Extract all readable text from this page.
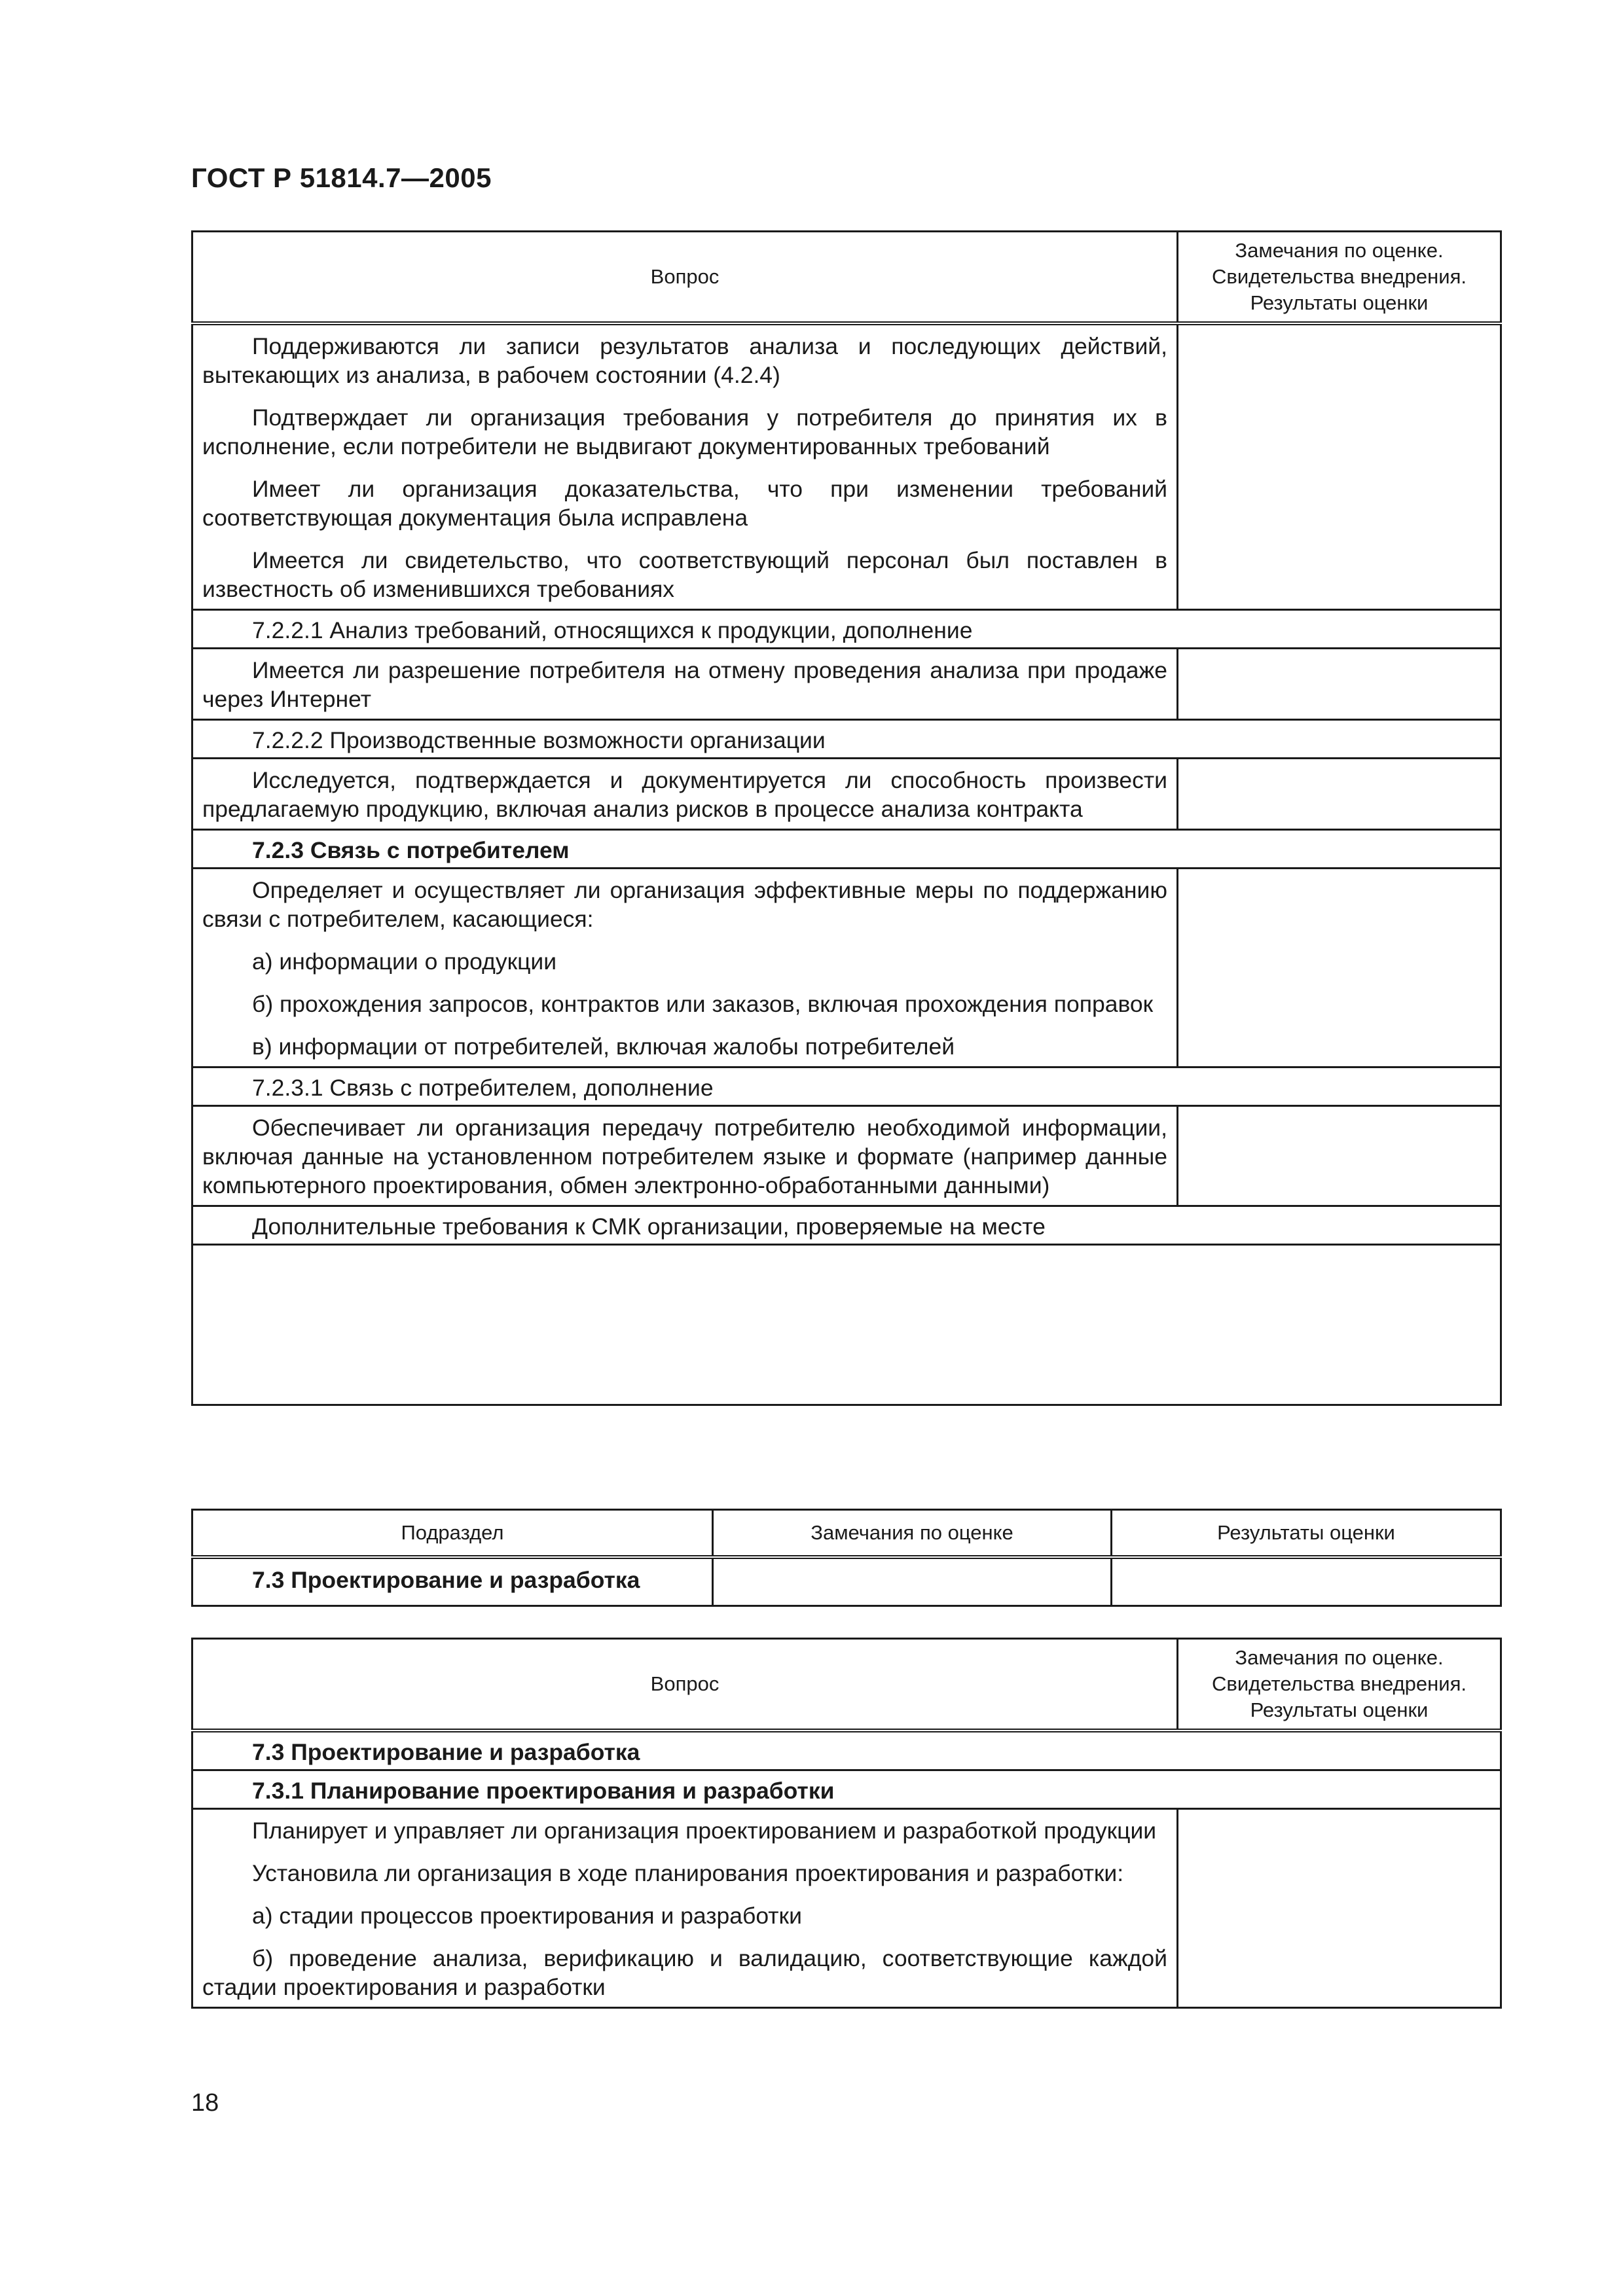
ГОСТ Р 51814.7—2005
Вопрос	Замечания по оценке.
Свидетельства внедрения.
Результаты оценки

Поддерживаются ли записи результатов анализа и последующих действий, вытекающих из анализа, в рабочем состоянии (4.2.4)

Подтверждает ли организация требования у потребителя до принятия их в исполнение, если потребители не выдвигают документированных требований

Имеет ли организация доказательства, что при изменении требований соответствующая документация была исправлена

Имеется ли свидетельство, что соответствующий персонал был поставлен в известность об изменившихся требованиях	

7.2.2.1 Анализ требований, относящихся к продукции, дополнение	

Имеется ли разрешение потребителя на отмену проведения анализа при продаже через Интернет	

7.2.2.2 Производственные возможности организации	

Исследуется, подтверждается и документируется ли способность произвести предлагаемую продукцию, включая анализ рисков в процессе анализа контракта	

7.2.3 Связь с потребителем	

Определяет и осуществляет ли организация эффективные меры по поддержанию связи с потребителем, касающиеся:

а) информации о продукции

б) прохождения запросов, контрактов или заказов, включая прохождения поправок

в) информации от потребителей, включая жалобы потребителей	

7.2.3.1 Связь с потребителем, дополнение	

Обеспечивает ли организация передачу потребителю необходимой информации, включая данные на установленном потребителем языке и формате (например данные компьютерного проектирования, обмен электронно-обработанными данными)	

Дополнительные требования к СМК организации, проверяемые на месте	

Подраздел	Замечания по оценке	Результаты оценки
7.3 Проектирование и разработка		
Вопрос	Замечания по оценке.
Свидетельства внедрения.
Результаты оценки
7.3 Проектирование и разработка	
7.3.1 Планирование проектирования и разработки	

Планирует и управляет ли организация проектированием и разработкой продукции

Установила ли организация в ходе планирования проектирования и разработки:

а) стадии процессов проектирования и разработки

б) проведение анализа, верификацию и валидацию, соответствующие каждой стадии проектирования и разработки	

18
